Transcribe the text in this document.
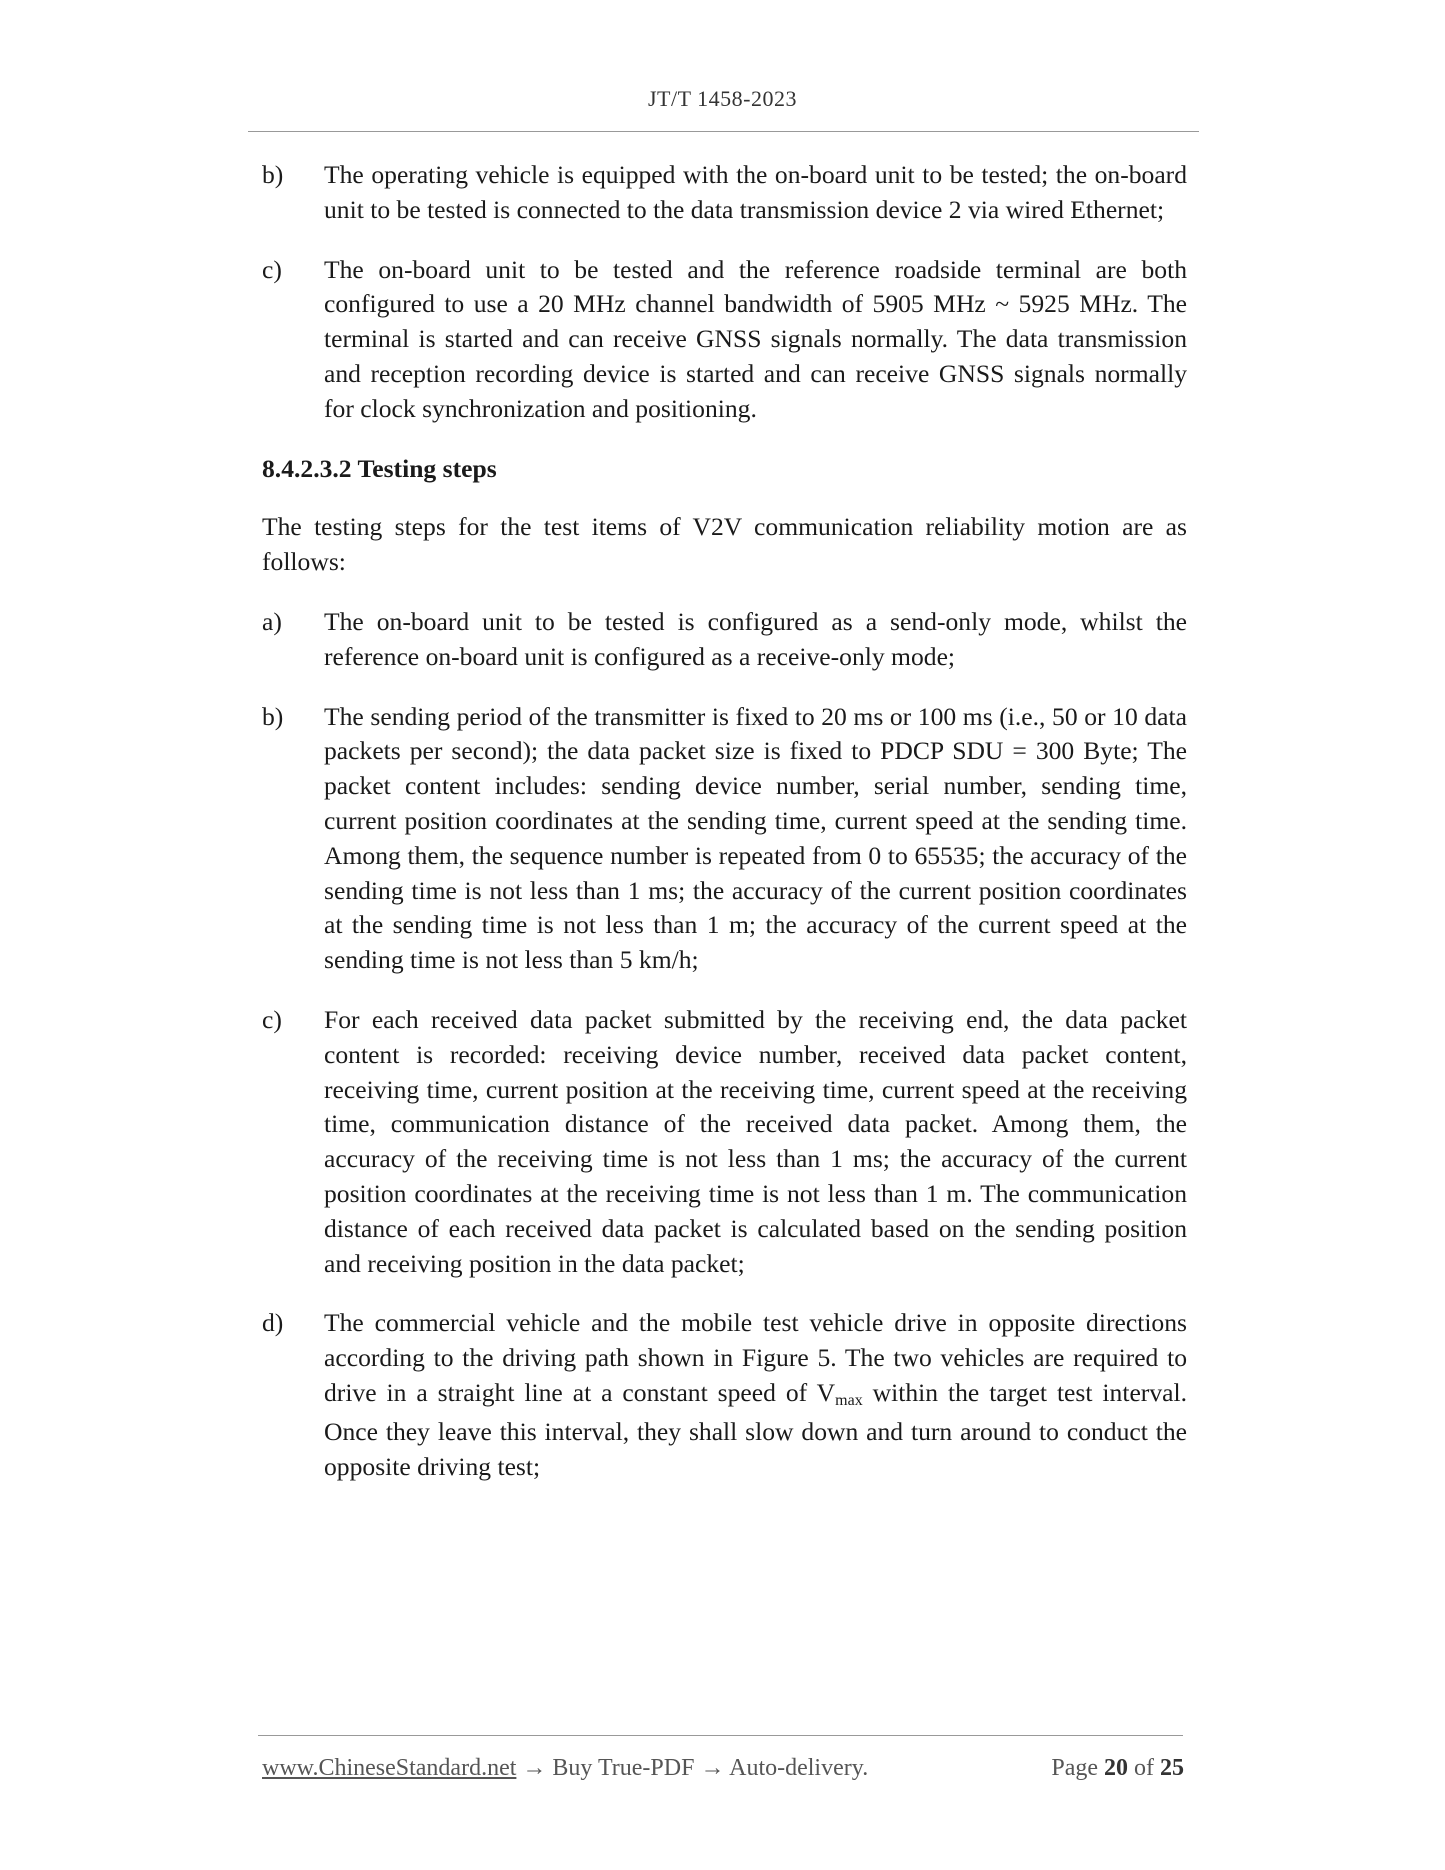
JT/T 1458-2023
b) The operating vehicle is equipped with the on-board unit to be tested; the on-board unit to be tested is connected to the data transmission device 2 via wired Ethernet;
c) The on-board unit to be tested and the reference roadside terminal are both configured to use a 20 MHz channel bandwidth of 5905 MHz ~ 5925 MHz. The terminal is started and can receive GNSS signals normally. The data transmission and reception recording device is started and can receive GNSS signals normally for clock synchronization and positioning.
8.4.2.3.2 Testing steps
The testing steps for the test items of V2V communication reliability motion are as follows:
a) The on-board unit to be tested is configured as a send-only mode, whilst the reference on-board unit is configured as a receive-only mode;
b) The sending period of the transmitter is fixed to 20 ms or 100 ms (i.e., 50 or 10 data packets per second); the data packet size is fixed to PDCP SDU = 300 Byte; The packet content includes: sending device number, serial number, sending time, current position coordinates at the sending time, current speed at the sending time. Among them, the sequence number is repeated from 0 to 65535; the accuracy of the sending time is not less than 1 ms; the accuracy of the current position coordinates at the sending time is not less than 1 m; the accuracy of the current speed at the sending time is not less than 5 km/h;
c) For each received data packet submitted by the receiving end, the data packet content is recorded: receiving device number, received data packet content, receiving time, current position at the receiving time, current speed at the receiving time, communication distance of the received data packet. Among them, the accuracy of the receiving time is not less than 1 ms; the accuracy of the current position coordinates at the receiving time is not less than 1 m. The communication distance of each received data packet is calculated based on the sending position and receiving position in the data packet;
d) The commercial vehicle and the mobile test vehicle drive in opposite directions according to the driving path shown in Figure 5. The two vehicles are required to drive in a straight line at a constant speed of $V_{max}$ within the target test interval. Once they leave this interval, they shall slow down and turn around to conduct the opposite driving test;
www.ChineseStandard.net → Buy True-PDF → Auto-delivery.	Page 20 of 25
